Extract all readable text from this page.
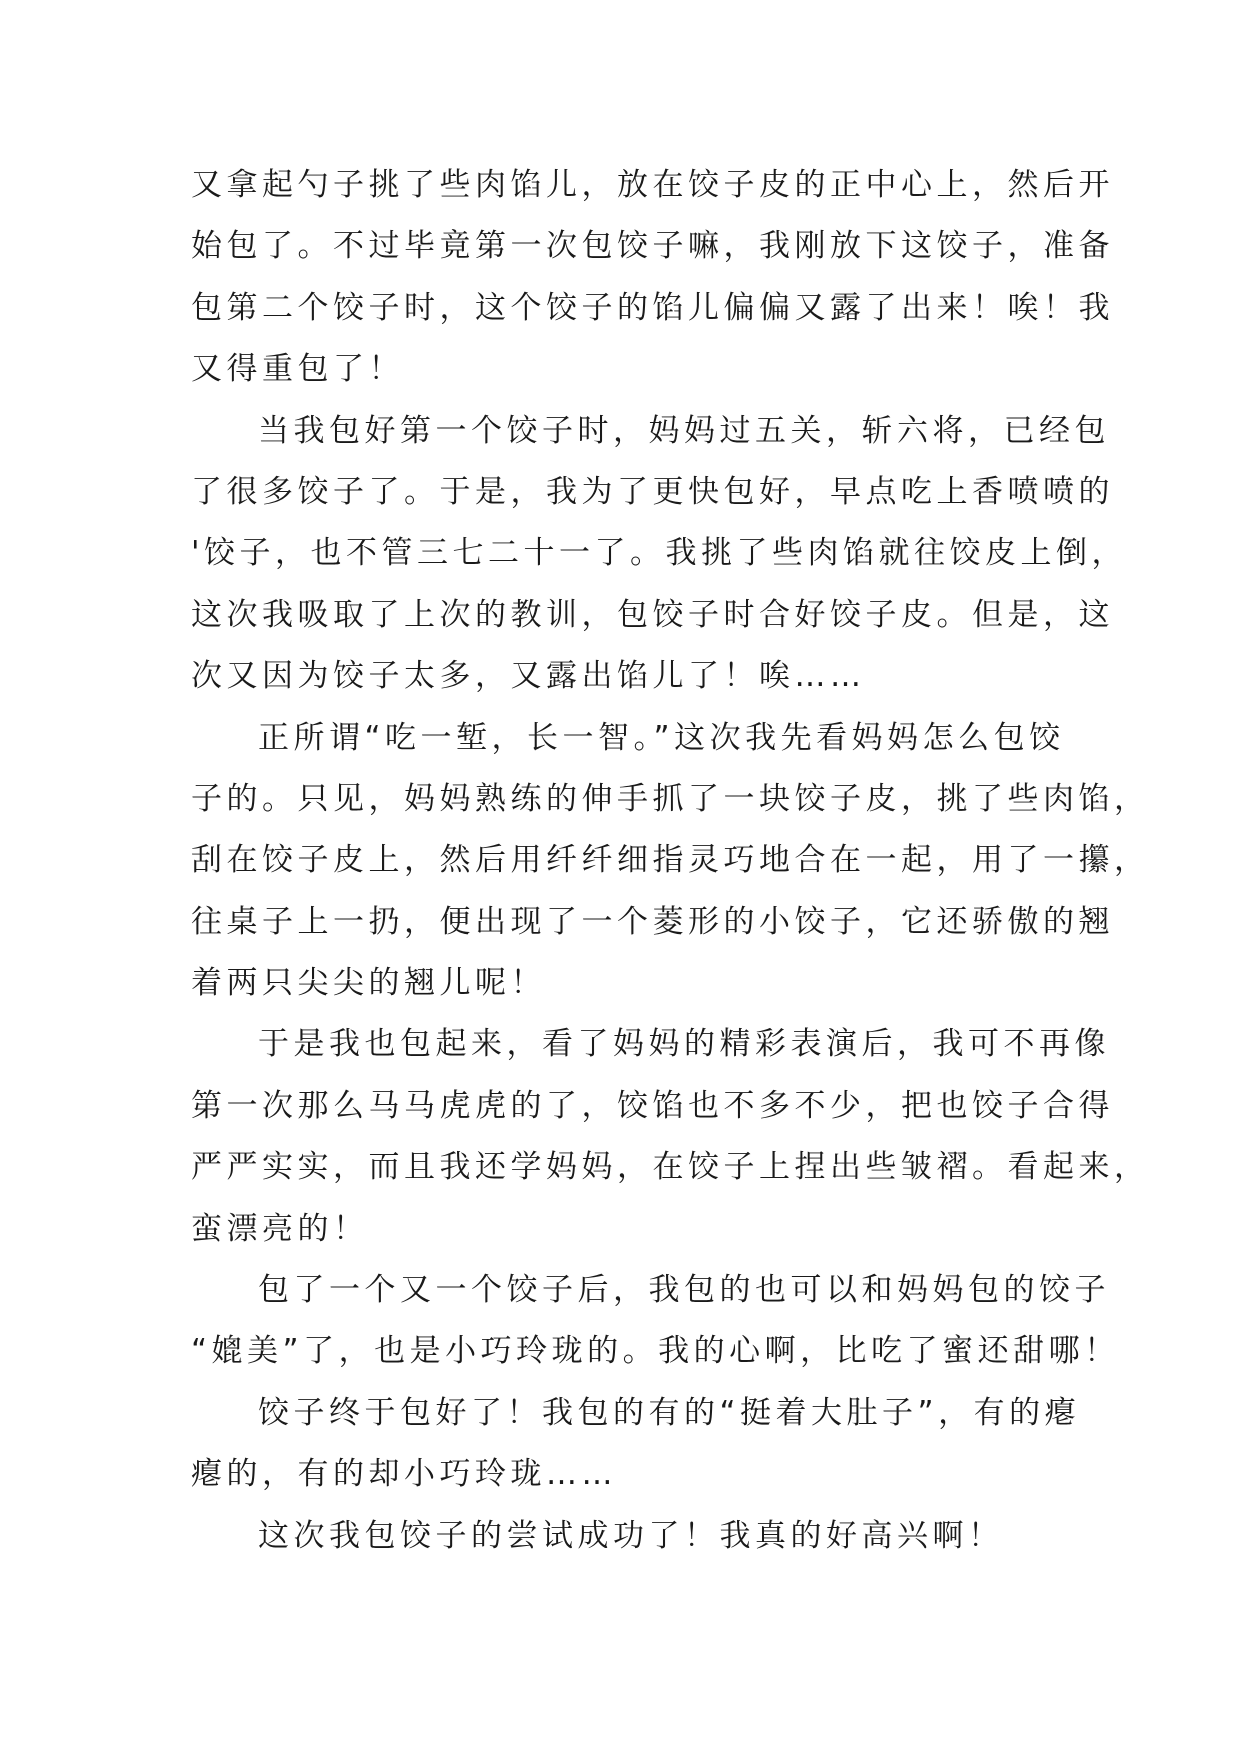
又拿起勺子挑了些肉馅儿，放在饺子皮的正中心上，然后开
始包了。不过毕竟第一次包饺子嘛，我刚放下这饺子，准备
包第二个饺子时，这个饺子的馅儿偏偏又露了出来！唉！我
又得重包了！
当我包好第一个饺子时，妈妈过五关，斩六将，已经包
了很多饺子了。于是，我为了更快包好，早点吃上香喷喷的
'饺子，也不管三七二十一了。我挑了些肉馅就往饺皮上倒，
这次我吸取了上次的教训，包饺子时合好饺子皮。但是，这
次又因为饺子太多，又露出馅儿了！唉……
正所谓“吃一堑，长一智。”这次我先看妈妈怎么包饺
子的。只见，妈妈熟练的伸手抓了一块饺子皮，挑了些肉馅，
刮在饺子皮上，然后用纤纤细指灵巧地合在一起，用了一攥，
往桌子上一扔，便出现了一个菱形的小饺子，它还骄傲的翘
着两只尖尖的翘儿呢！
于是我也包起来，看了妈妈的精彩表演后，我可不再像
第一次那么马马虎虎的了，饺馅也不多不少，把也饺子合得
严严实实，而且我还学妈妈，在饺子上捏出些皱褶。看起来，
蛮漂亮的！
包了一个又一个饺子后，我包的也可以和妈妈包的饺子
“媲美”了，也是小巧玲珑的。我的心啊，比吃了蜜还甜哪！
饺子终于包好了！我包的有的“挺着大肚子”，有的瘪
瘪的，有的却小巧玲珑……
这次我包饺子的尝试成功了！我真的好高兴啊！
